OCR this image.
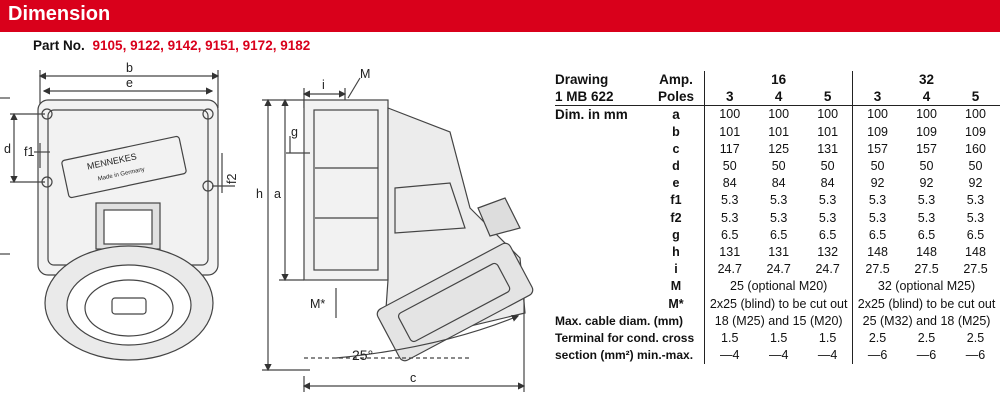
Dimension
Part No. 9105, 9122, 9142, 9151, 9172, 9182
b
e
d f1
f2
MENNEKES
Made in Germany
i
M
g
h a
M*
25°
c
Drawing	Amp.	16			32		
1 MB 622	Poles	3	4	5	3	4	5
Dim. in mm	a	100	100	100	100	100	100
	b	101	101	101	109	109	109
	c	117	125	131	157	157	160
	d	50	50	50	50	50	50
	e	84	84	84	92	92	92
	f1	5.3	5.3	5.3	5.3	5.3	5.3
	f2	5.3	5.3	5.3	5.3	5.3	5.3
	g	6.5	6.5	6.5	6.5	6.5	6.5
	h	131	131	132	148	148	148
	i	24.7	24.7	24.7	27.5	27.5	27.5
	M	25 (optional M20)			32 (optional M25)		
	M*	2x25 (blind) to be cut out			2x25 (blind) to be cut out		
Max. cable diam. (mm)		18 (M25) and 15 (M20)			25 (M32) and 18 (M25)		
Terminal for cond. cross		1.5	1.5	1.5	2.5	2.5	2.5
section (mm²) min.-max.		—4	—4	—4	—6	—6	—6
